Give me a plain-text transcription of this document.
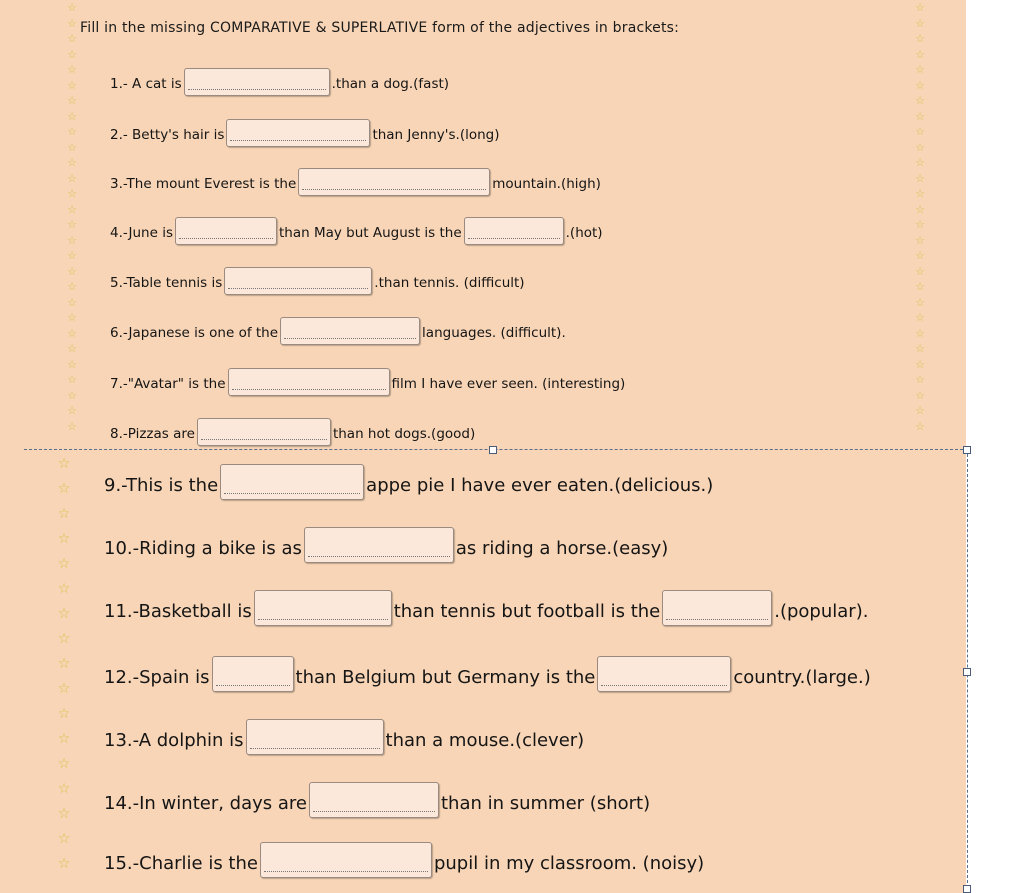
☆
☆
☆
☆
☆
☆
☆
☆
☆
☆
☆
☆
☆
☆
☆
☆
☆
☆
☆
☆
☆
☆
☆
☆
☆
☆
☆
☆
☆
☆
☆
☆
☆
☆
☆
☆
☆
☆
☆
☆
☆
☆
☆
☆
☆
☆
☆
☆
☆
☆
☆
☆
☆
☆
☆
☆
☆
☆
☆
☆
☆
☆
☆
☆
☆
☆
☆
☆
☆
☆
☆
☆
☆
Fill in the missing COMPARATIVE & SUPERLATIVE form of the adjectives in brackets:
1.- A cat is	.than a dog.(fast)
2.- Betty's hair is	than Jenny's.(long)
3.-The mount Everest is the	mountain.(high)
4.-June is	than May but August is the	.(hot)
5.-Table tennis is	.than tennis. (difficult)
6.-Japanese is one of the	languages. (difficult).
7.-"Avatar" is the	film I have ever seen. (interesting)
8.-Pizzas are	than hot dogs.(good)
9.-This is the	appe pie I have ever eaten.(delicious.)
10.-Riding a bike is as	as riding a horse.(easy)
11.-Basketball is	than tennis but football is the	.(popular).
12.-Spain is	than Belgium but Germany is the	country.(large.)
13.-A dolphin is	than a mouse.(clever)
14.-In winter, days are	than in summer (short)
15.-Charlie is the	pupil in my classroom. (noisy)
